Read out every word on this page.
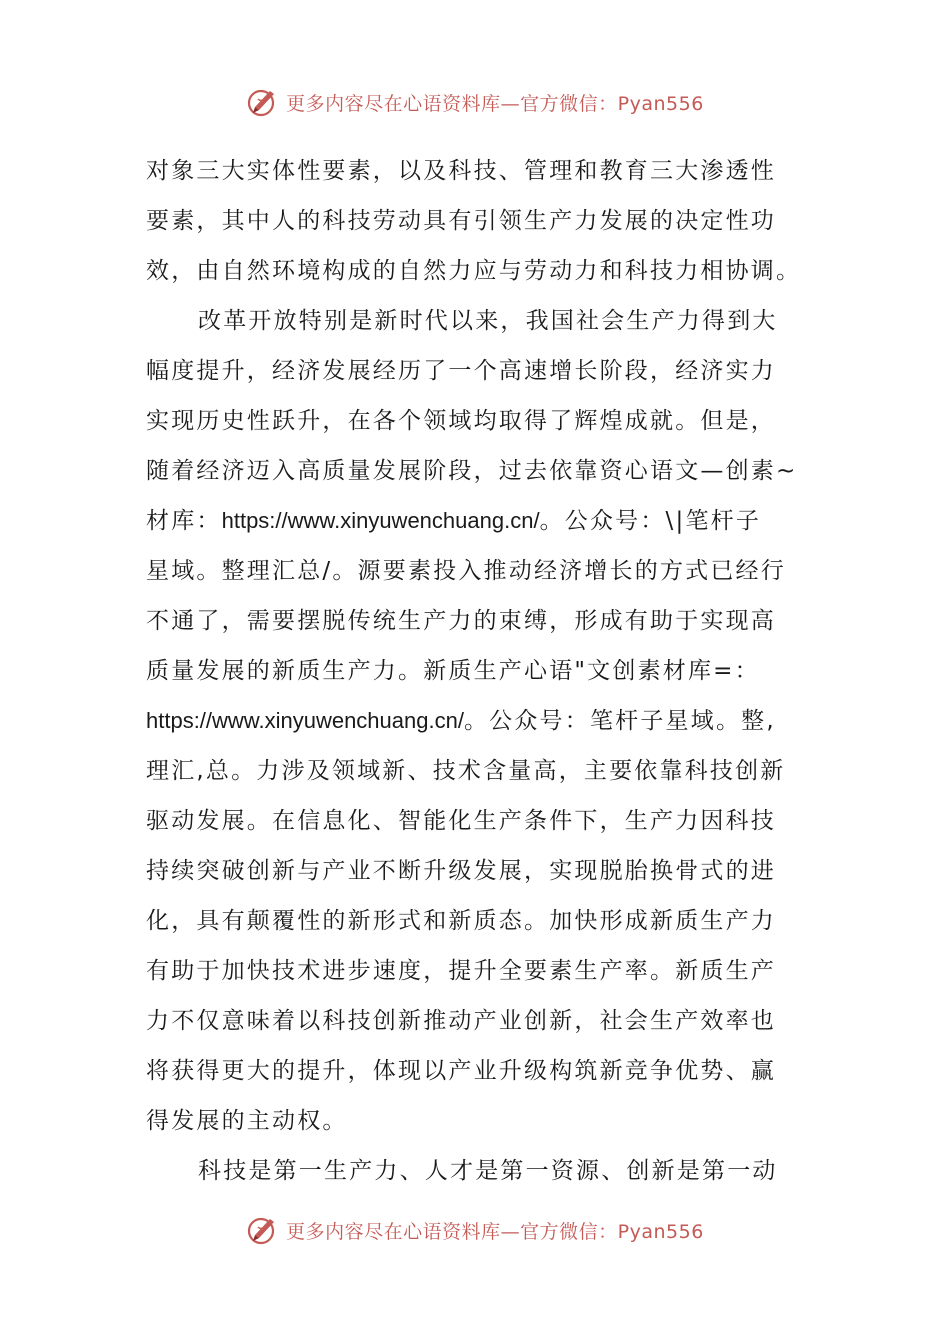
更多内容尽在心语资料库—官方微信：Pyan556
对象三大实体性要素，以及科技、管理和教育三大渗透性
要素，其中人的科技劳动具有引领生产力发展的决定性功
效，由自然环境构成的自然力应与劳动力和科技力相协调。
改革开放特别是新时代以来，我国社会生产力得到大
幅度提升，经济发展经历了一个高速增长阶段，经济实力
实现历史性跃升，在各个领域均取得了辉煌成就。但是，
随着经济迈入高质量发展阶段，过去依靠资心语文—创素~
材库：https://www.xinyuwenchuang.cn/。公众号：\|笔杆子
星域。整理汇总/。源要素投入推动经济增长的方式已经行
不通了，需要摆脱传统生产力的束缚，形成有助于实现高
质量发展的新质生产力。新质生产心语"文创素材库=：
https://www.xinyuwenchuang.cn/。公众号：笔杆子星域。整,
理汇,总。力涉及领域新、技术含量高，主要依靠科技创新
驱动发展。在信息化、智能化生产条件下，生产力因科技
持续突破创新与产业不断升级发展，实现脱胎换骨式的进
化，具有颠覆性的新形式和新质态。加快形成新质生产力
有助于加快技术进步速度，提升全要素生产率。新质生产
力不仅意味着以科技创新推动产业创新，社会生产效率也
将获得更大的提升，体现以产业升级构筑新竞争优势、赢
得发展的主动权。
科技是第一生产力、人才是第一资源、创新是第一动
更多内容尽在心语资料库—官方微信：Pyan556
